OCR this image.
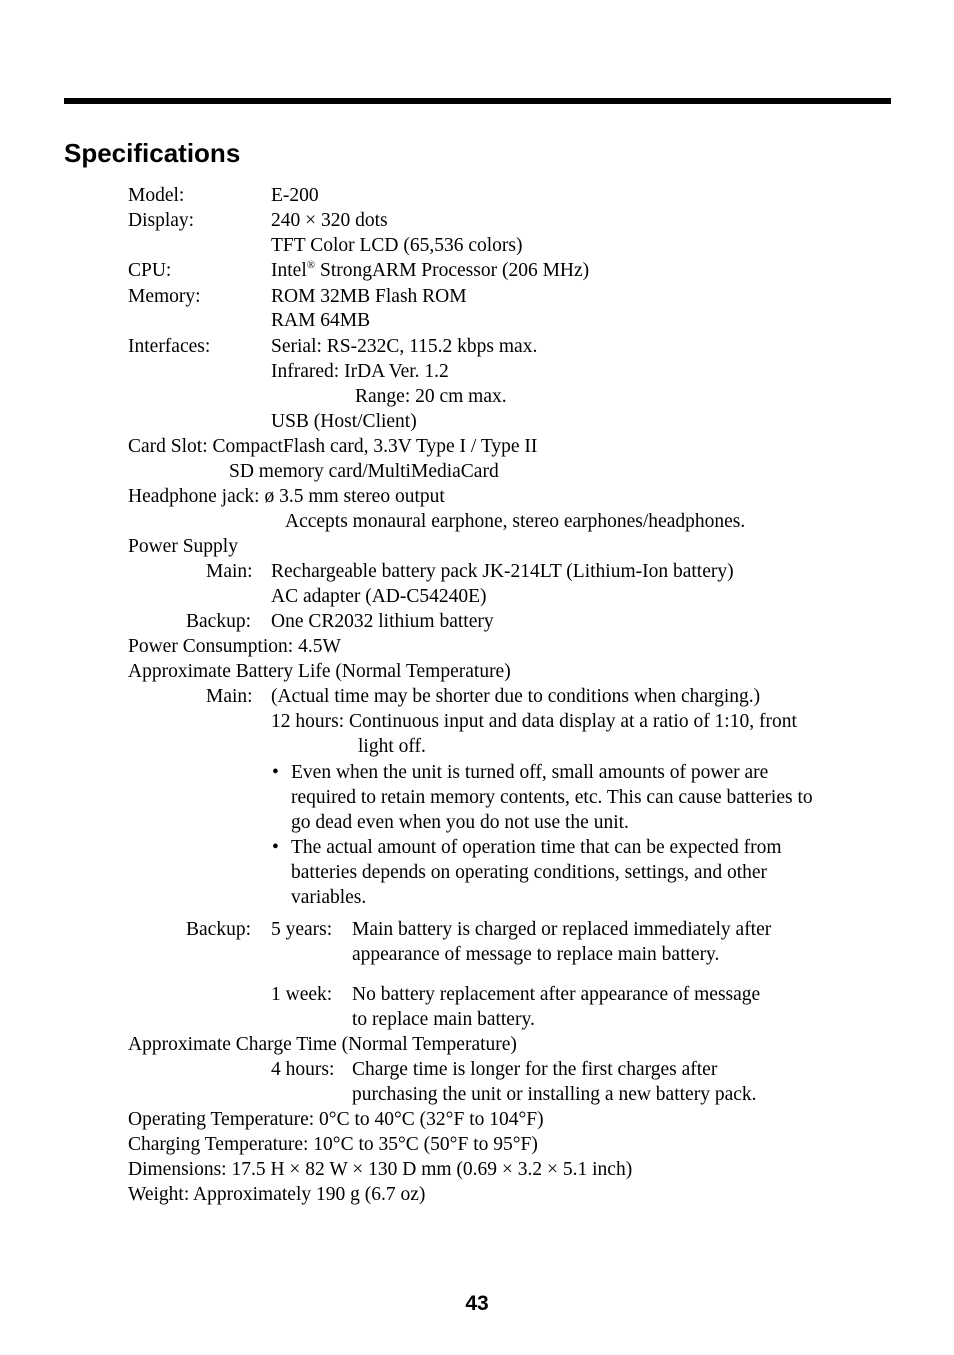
Specifications
Model:	E-200
Display:	240 × 320 dots
TFT Color LCD (65,536 colors)
CPU:	Intel® StrongARM Processor (206 MHz)
Memory:	ROM 32MB Flash ROM
RAM 64MB
Interfaces:	Serial: RS-232C, 115.2 kbps max.
Infrared: IrDA Ver. 1.2
Range: 20 cm max.
USB (Host/Client)
Card Slot: CompactFlash card, 3.3V Type I / Type II
SD memory card/MultiMediaCard
Headphone jack: ø 3.5 mm stereo output
Accepts monaural earphone, stereo earphones/headphones.
Power Supply
Main: Rechargeable battery pack JK-214LT (Lithium-Ion battery)
AC adapter (AD-C54240E)
Backup: One CR2032 lithium battery
Power Consumption: 4.5W
Approximate Battery Life (Normal Temperature)
Main: (Actual time may be shorter due to conditions when charging.)
12 hours: Continuous input and data display at a ratio of 1:10, front
light off.
• Even when the unit is turned off, small amounts of power are
required to retain memory contents, etc. This can cause batteries to
go dead even when you do not use the unit.
• The actual amount of operation time that can be expected from
batteries depends on operating conditions, settings, and other
variables.
Backup: 5 years: Main battery is charged or replaced immediately after
appearance of message to replace main battery.
1 week: No battery replacement after appearance of message
to replace main battery.
Approximate Charge Time (Normal Temperature)
4 hours: Charge time is longer for the first charges after
purchasing the unit or installing a new battery pack.
Operating Temperature: 0°C to 40°C (32°F to 104°F)
Charging Temperature: 10°C to 35°C (50°F to 95°F)
Dimensions: 17.5 H × 82 W × 130 D mm (0.69 × 3.2 × 5.1 inch)
Weight: Approximately 190 g (6.7 oz)
43
